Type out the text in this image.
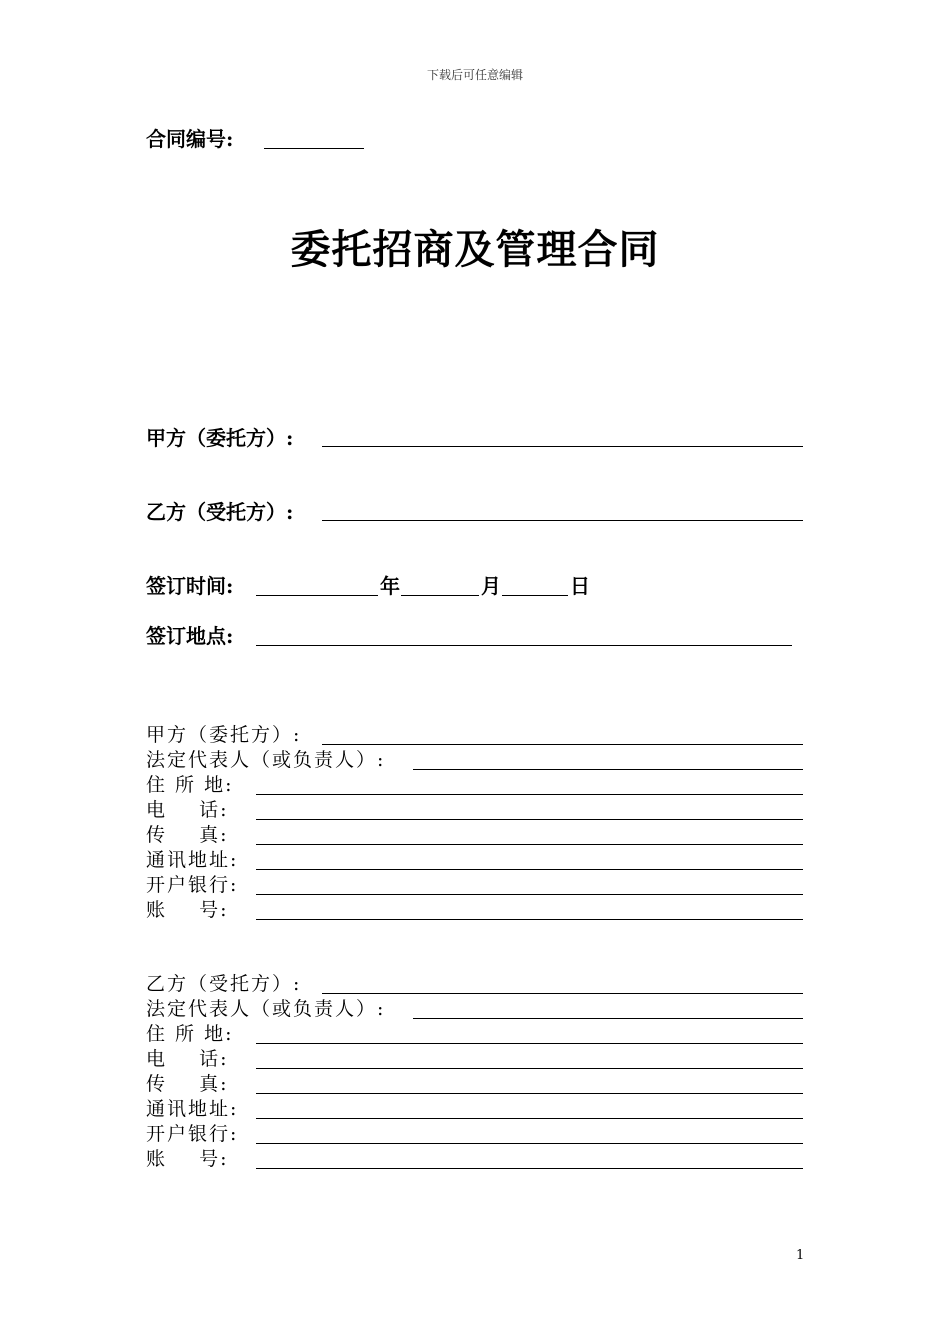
下载后可任意编辑
合同编号:
委托招商及管理合同
甲方（委托方）:
乙方（受托方）:
签订时间:	年	月	日
签订地点:
甲方（委托方）:
法定代表人（或负责人）:
住 所 地:
电    话:
传    真:
通讯地址:
开户银行:
账    号:
乙方（受托方）:
法定代表人（或负责人）:
住 所 地:
电    话:
传    真:
通讯地址:
开户银行:
账    号:
1
